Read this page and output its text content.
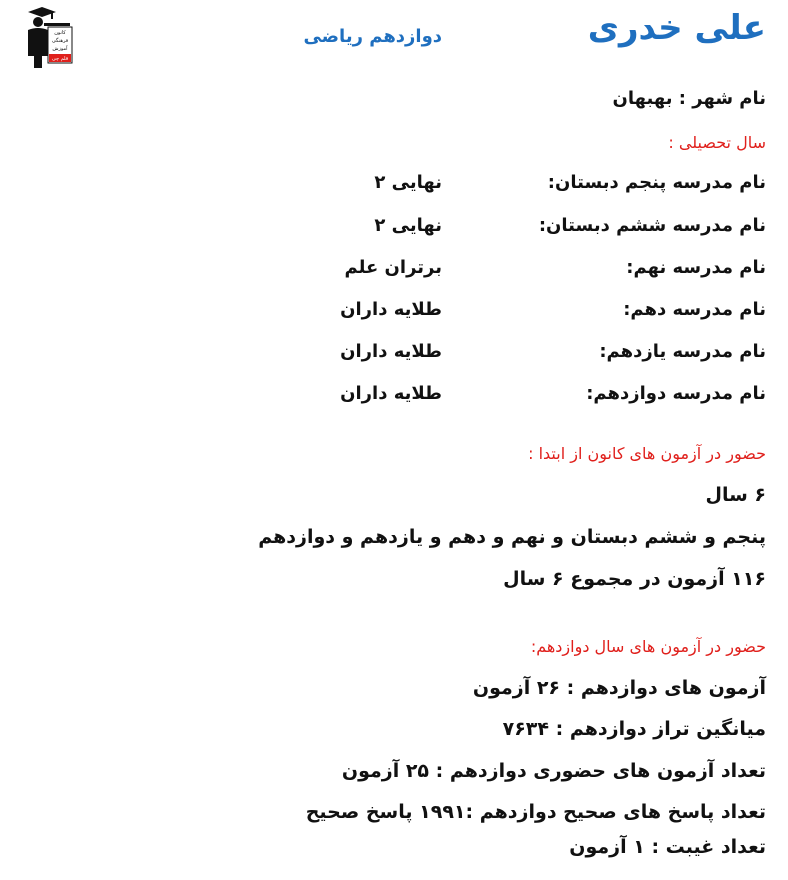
کانون
فرهنگی
آموزش
قلم چی
علی خدری
دوازدهم ریاضی
نام شهر : بهبهان
سال تحصیلی :
نام مدرسه پنجم دبستان:
نهایی ۲
نام مدرسه ششم دبستان:
نهایی ۲
نام مدرسه نهم:
برتران علم
نام مدرسه دهم:
طلایه داران
نام مدرسه یازدهم:
طلایه داران
نام مدرسه دوازدهم:
طلایه داران
حضور در آزمون های کانون از ابتدا :
۶ سال
پنجم و ششم دبستان و نهم و دهم و یازدهم و دوازدهم
۱۱۶ آزمون در مجموع ۶ سال
حضور در آزمون های سال دوازدهم:
آزمون های دوازدهم : ۲۶ آزمون
میانگین تراز دوازدهم : ۷۶۳۴
تعداد آزمون های حضوری دوازدهم : ۲۵ آزمون
تعداد پاسخ های صحیح دوازدهم :۱۹۹۱ پاسخ صحیح
تعداد غیبت : ۱ آزمون
